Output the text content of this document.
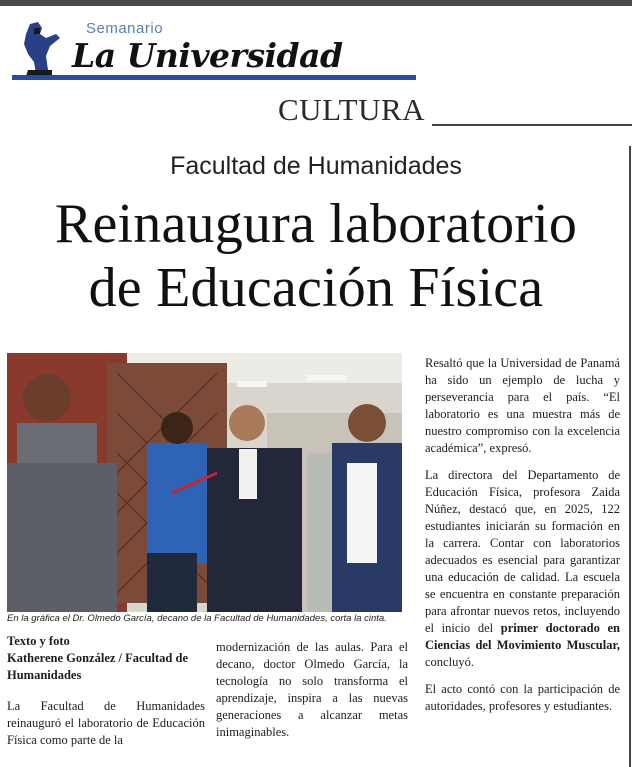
Semanario
La Universidad
CULTURA
Facultad de Humanidades
Reinaugura laboratorio
de Educación Física
En la gráfica el Dr. Olmedo García, decano de la Facultad de Humanidades, corta la cinta.
Texto y foto
Katherene González / Facultad de Humanidades

La Facultad de Humanidades reinauguró el laboratorio de Educación Física como parte de la

modernización de las aulas. Para el decano, doctor Olmedo García, la tecnología no solo transforma el aprendizaje, inspira a las nuevas generaciones a alcanzar metas inimaginables.

Resaltó que la Universidad de Panamá ha sido un ejemplo de lucha y perseverancia para el país. “El laboratorio es una muestra más de nuestro compromiso con la excelencia académica”, expresó.

La directora del Departamento de Educación Física, profesora Zaida Núñez, destacó que, en 2025, 122 estudiantes iniciarán su formación en la carrera. Contar con laboratorios adecuados es esencial para garantizar una educación de calidad. La escuela se encuentra en constante preparación para afrontar nuevos retos, incluyendo el inicio del primer doctorado en Ciencias del Movimiento Muscular, concluyó.

El acto contó con la participación de autoridades, profesores y estudiantes.
